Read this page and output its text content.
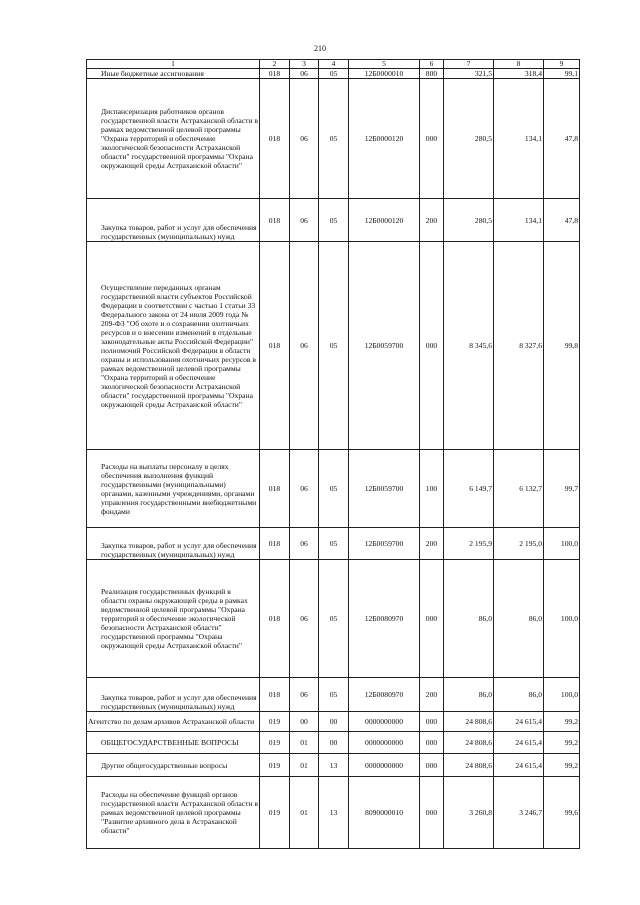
210
1	2	3	4	5	6	7	8	9
Иные бюджетные ассигнования	018	06	05	12Б0000010	800	321,5	318,4	99,1
Диспансеризация работников органов государственной власти Астраханской области в рамках ведомственной целевой программы "Охрана территорий и обеспечение экологической безопасности Астраханской области" государственной программы "Охрана окружающей среды Астраханской области"	018	06	05	12Б0000120	000	280,5	134,1	47,8
Закупка товаров, работ и услуг для обеспечения государственных (муниципальных) нужд	018	06	05	12Б0000120	200	280,5	134,1	47,8
Осуществление переданных органам государственной власти субъектов Российской Федерации в соответствии с частью 1 статьи 33 Федерального закона от 24 июля 2009 года № 209-ФЗ "Об охоте и о сохранении охотничьих ресурсов и о внесении изменений в отдельные законодательные акты Российской Федерации" полномочий Российской Федерации в области охраны и использования охотничьих ресурсов в рамках ведомственной целевой программы "Охрана территорий и обеспечение экологической безопасности Астраханской области" государственной программы "Охрана окружающей среды Астраханской области"	018	06	05	12Б0059700	000	8 345,6	8 327,6	99,8
Расходы на выплаты персоналу в целях обеспечения выполнения функций государственными (муниципальными) органами, казенными учреждениями, органами управления государственными внебюджетными фондами	018	06	05	12Б0059700	100	6 149,7	6 132,7	99,7
Закупка товаров, работ и услуг для обеспечения государственных (муниципальных) нужд	018	06	05	12Б0059700	200	2 195,9	2 195,0	100,0
Реализация государственных функций в области охраны окружающей среды в рамках ведомственной целевой программы "Охрана территорий и обеспечение экологической безопасности Астраханской области" государственной программы "Охрана окружающей среды Астраханской области"	018	06	05	12Б0080970	000	86,0	86,0	100,0
Закупка товаров, работ и услуг для обеспечения государственных (муниципальных) нужд	018	06	05	12Б0080970	200	86,0	86,0	100,0
Агентство по делам архивов Астраханской области	019	00	00	0000000000	000	24 808,6	24 615,4	99,2
ОБЩЕГОСУДАРСТВЕННЫЕ ВОПРОСЫ	019	01	00	0000000000	000	24 808,6	24 615,4	99,2
Другие общегосударственные вопросы	019	01	13	0000000000	000	24 808,6	24 615,4	99,2
Расходы на обеспечение функций органов государственной власти Астраханской области в рамках ведомственной целевой программы "Развитие архивного дела в Астраханской области"	019	01	13	8090000010	000	3 260,8	3 246,7	99,6
